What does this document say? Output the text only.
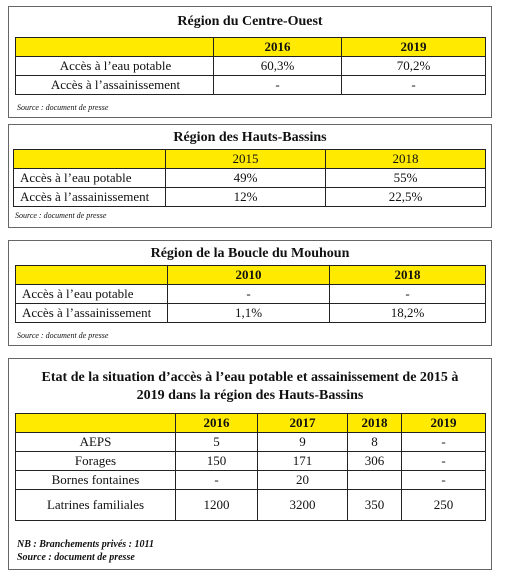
Région du Centre-Ouest
	2016	2019
Accès à l’eau potable	60,3%	70,2%
Accès à l’assainissement	-	-
Source : document de presse
Région des Hauts-Bassins
	2015	2018
Accès à l’eau potable	49%	55%
Accès à l’assainissement	12%	22,5%
Source : document de presse
Région de la Boucle du Mouhoun
	2010	2018
Accès à l’eau potable	-	-
Accès à l’assainissement	1,1%	18,2%
Source : document de presse
Etat de la situation d’accès à l’eau potable et assainissement de 2015 à
2019 dans la région des Hauts-Bassins
	2016	2017	2018	2019
AEPS	5	9	8	-
Forages	150	171	306	-
Bornes fontaines	-	20		-
Latrines familiales	1200	3200	350	250
NB : Branchements privés : 1011
Source : document de presse
